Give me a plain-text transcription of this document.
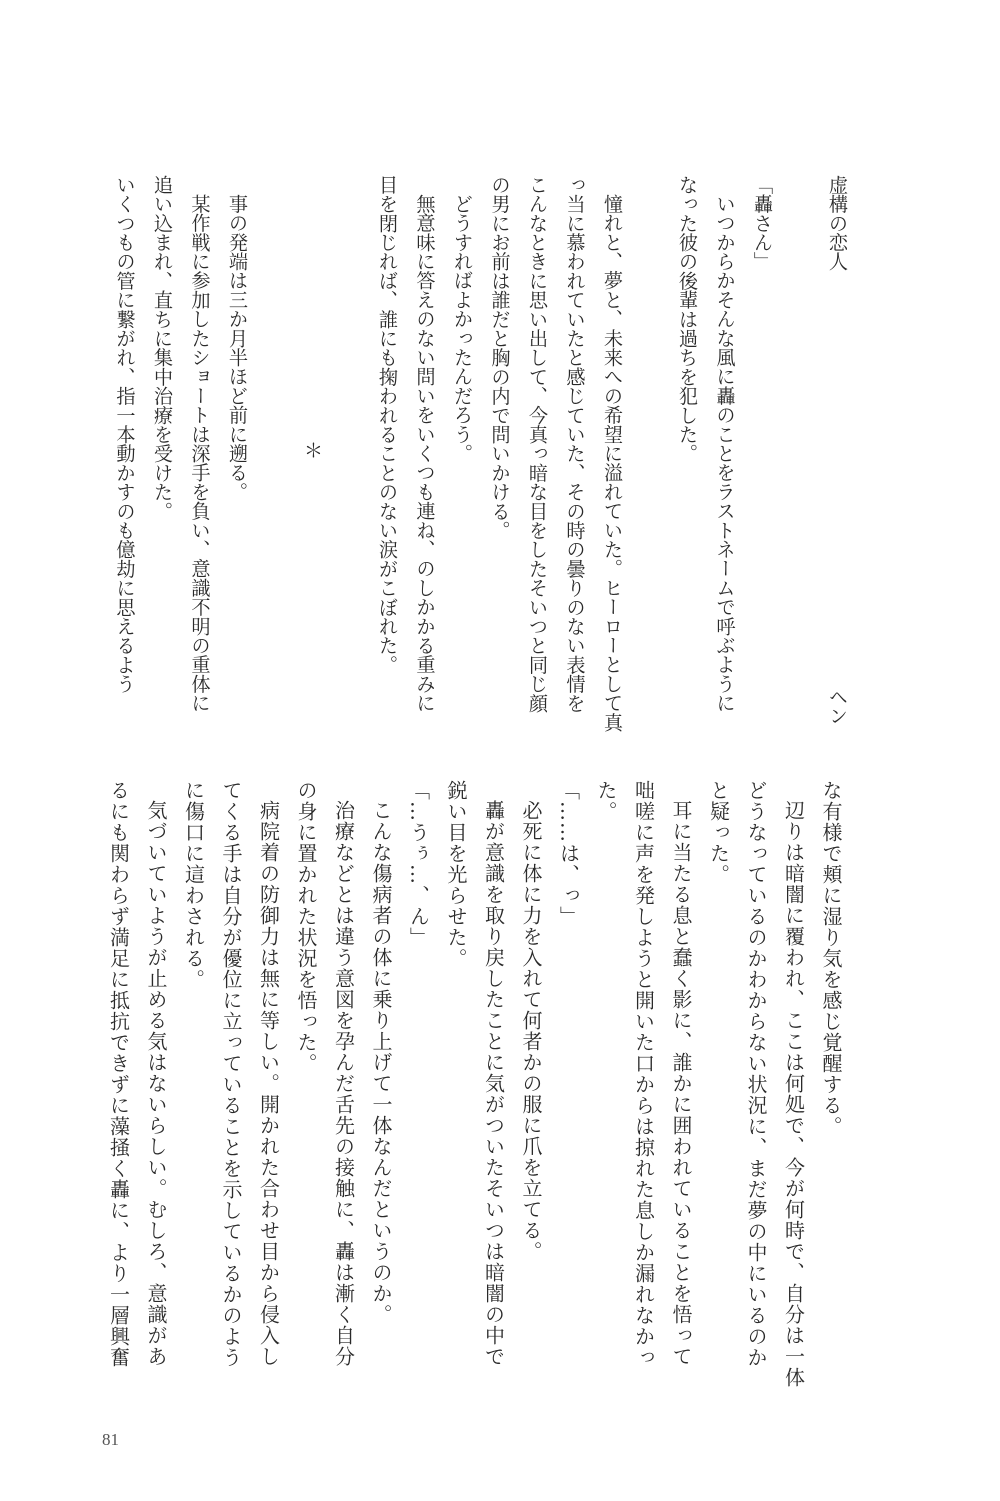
虚構の恋人
ヘン
「轟さん」
いつからかそんな風に轟のことをラストネームで呼ぶように
なった彼の後輩は過ちを犯した。
憧れと、夢と、未来への希望に溢れていた。ヒーローとして真
っ当に慕われていたと感じていた、その時の曇りのない表情を
こんなときに思い出して、今真っ暗な目をしたそいつと同じ顔
の男にお前は誰だと胸の内で問いかける。
どうすればよかったんだろう。
無意味に答えのない問いをいくつも連ね、のしかかる重みに
目を閉じれば、誰にも掬われることのない涙がこぼれた。
＊
事の発端は三か月半ほど前に遡る。
某作戦に参加したショートは深手を負い、意識不明の重体に
追い込まれ、直ちに集中治療を受けた。
いくつもの管に繋がれ、指一本動かすのも億劫に思えるよう
な有様で頬に湿り気を感じ覚醒する。
辺りは暗闇に覆われ、ここは何処で、今が何時で、自分は一体
どうなっているのかわからない状況に、まだ夢の中にいるのか
と疑った。
耳に当たる息と蠢く影に、誰かに囲われていることを悟って
咄嗟に声を発しようと開いた口からは掠れた息しか漏れなかっ
た。
「……は、っ」
必死に体に力を入れて何者かの服に爪を立てる。
轟が意識を取り戻したことに気がついたそいつは暗闇の中で
鋭い目を光らせた。
「…うぅ…、ん」
こんな傷病者の体に乗り上げて一体なんだというのか。
治療などとは違う意図を孕んだ舌先の接触に、轟は漸く自分
の身に置かれた状況を悟った。
病院着の防御力は無に等しい。開かれた合わせ目から侵入し
てくる手は自分が優位に立っていることを示しているかのよう
に傷口に這わされる。
気づいていようが止める気はないらしい。むしろ、意識があ
るにも関わらず満足に抵抗できずに藻掻く轟に、より一層興奮
81
